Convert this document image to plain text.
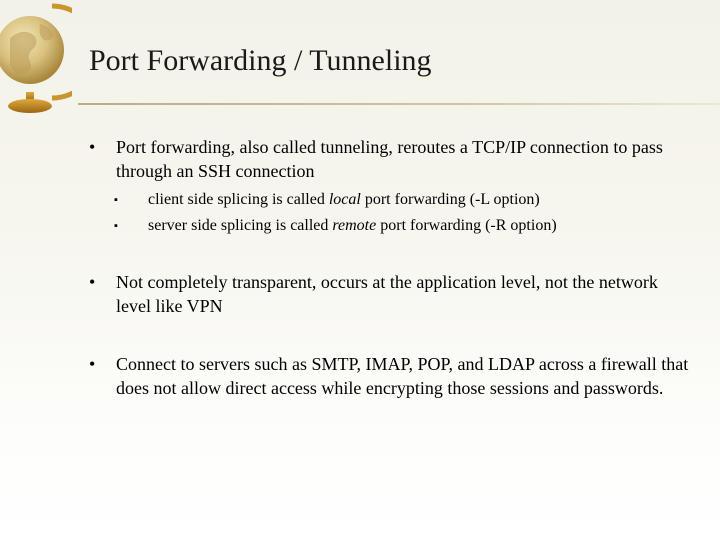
Port Forwarding / Tunneling
• Port forwarding, also called tunneling, reroutes a TCP/IP connection to pass through an SSH connection
▪ client side splicing is called local port forwarding (-L option)
▪ server side splicing is called remote port forwarding (-R option)
• Not completely transparent, occurs at the application level, not the network level like VPN
• Connect to servers such as SMTP, IMAP, POP, and LDAP across a firewall that does not allow direct access while encrypting those sessions and passwords.
